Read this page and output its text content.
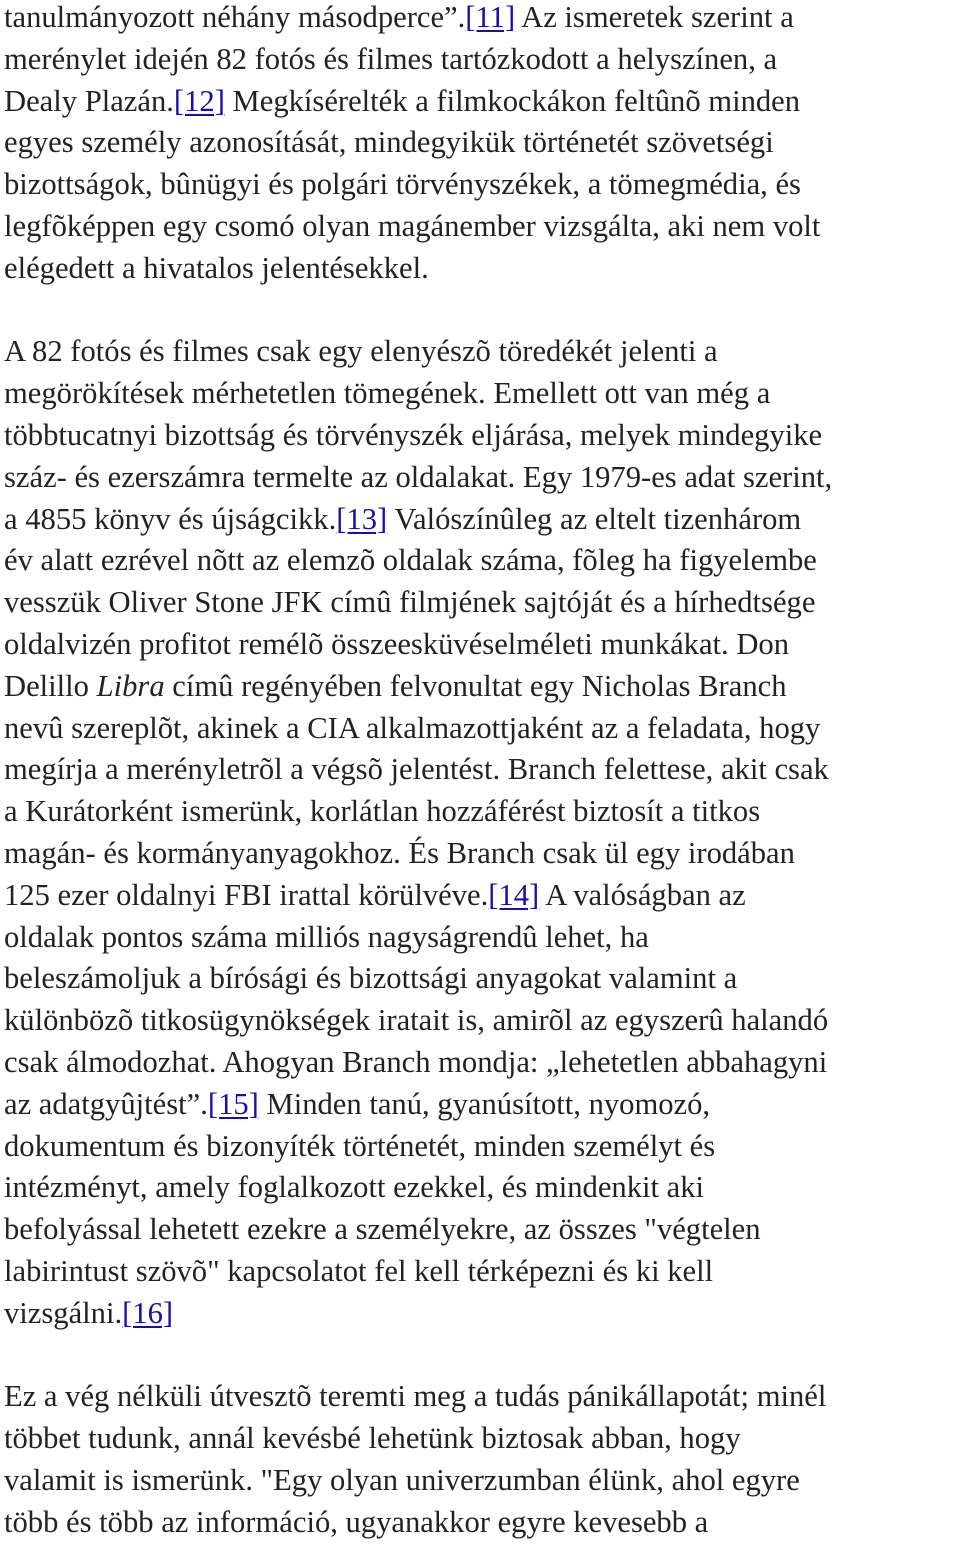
tanulmányozott néhány másodperce”.[11] Az ismeretek szerint a
merénylet idején 82 fotós és filmes tartózkodott a helyszínen, a
Dealy Plazán.[12] Megkísérelték a filmkockákon feltûnõ minden
egyes személy azonosítását, mindegyikük történetét szövetségi
bizottságok, bûnügyi és polgári törvényszékek, a tömegmédia, és
legfõképpen egy csomó olyan magánember vizsgálta, aki nem volt
elégedett a hivatalos jelentésekkel.
A 82 fotós és filmes csak egy elenyészõ töredékét jelenti a
megörökítések mérhetetlen tömegének. Emellett ott van még a
többtucatnyi bizottság és törvényszék eljárása, melyek mindegyike
száz- és ezerszámra termelte az oldalakat. Egy 1979-es adat szerint,
a 4855 könyv és újságcikk.[13] Valószínûleg az eltelt tizenhárom
év alatt ezrével nõtt az elemzõ oldalak száma, fõleg ha figyelembe
vesszük Oliver Stone JFK címû filmjének sajtóját és a hírhedtsége
oldalvizén profitot remélõ összeesküvéselméleti munkákat. Don
Delillo Libra címû regényében felvonultat egy Nicholas Branch
nevû szereplõt, akinek a CIA alkalmazottjaként az a feladata, hogy
megírja a merényletrõl a végsõ jelentést. Branch felettese, akit csak
a Kurátorként ismerünk, korlátlan hozzáférést biztosít a titkos
magán- és kormányanyagokhoz. És Branch csak ül egy irodában
125 ezer oldalnyi FBI irattal körülvéve.[14] A valóságban az
oldalak pontos száma milliós nagyságrendû lehet, ha
beleszámoljuk a bírósági és bizottsági anyagokat valamint a
különbözõ titkosügynökségek iratait is, amirõl az egyszerû halandó
csak álmodozhat. Ahogyan Branch mondja: „lehetetlen abbahagyni
az adatgyûjtést”.[15] Minden tanú, gyanúsított, nyomozó,
dokumentum és bizonyíték történetét, minden személyt és
intézményt, amely foglalkozott ezekkel, és mindenkit aki
befolyással lehetett ezekre a személyekre, az összes "végtelen
labirintust szövõ" kapcsolatot fel kell térképezni és ki kell
vizsgálni.[16]
Ez a vég nélküli útvesztõ teremti meg a tudás pánikállapotát; minél
többet tudunk, annál kevésbé lehetünk biztosak abban, hogy
valamit is ismerünk. "Egy olyan univerzumban élünk, ahol egyre
több és több az információ, ugyanakkor egyre kevesebb a
